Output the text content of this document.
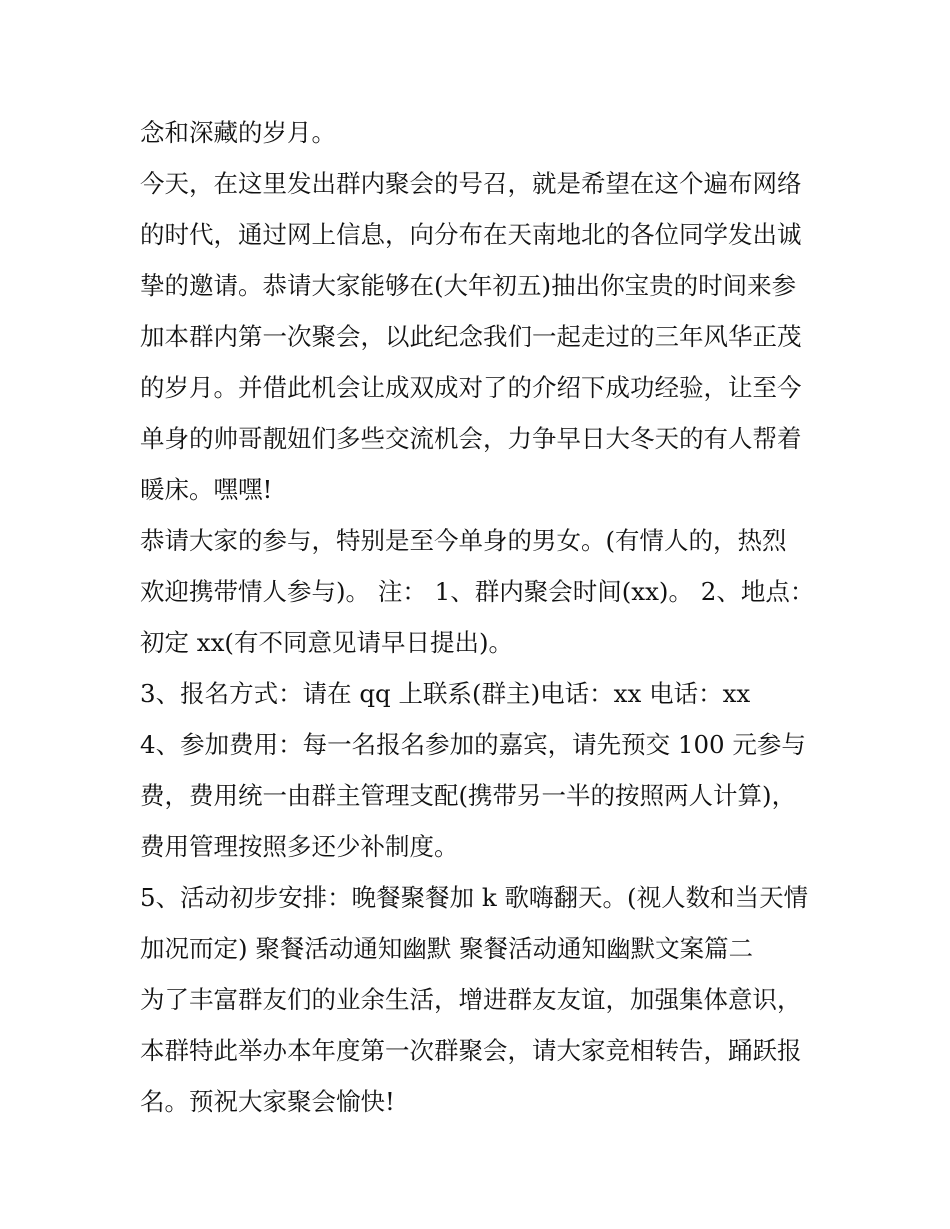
念和深藏的岁月。
今天，在这里发出群内聚会的号召，就是希望在这个遍布网络
的时代，通过网上信息，向分布在天南地北的各位同学发出诚
挚的邀请。恭请大家能够在(大年初五)抽出你宝贵的时间来参
加本群内第一次聚会，以此纪念我们一起走过的三年风华正茂
的岁月。并借此机会让成双成对了的介绍下成功经验，让至今
单身的帅哥靓妞们多些交流机会，力争早日大冬天的有人帮着
暖床。嘿嘿!
恭请大家的参与，特别是至今单身的男女。(有情人的，热烈
欢迎携带情人参与)。 注： 1、群内聚会时间(xx)。 2、地点：
初定 xx(有不同意见请早日提出)。
3、报名方式：请在 qq 上联系(群主)电话：xx 电话：xx
4、参加费用：每一名报名参加的嘉宾，请先预交 100 元参与
费，费用统一由群主管理支配(携带另一半的按照两人计算)，
费用管理按照多还少补制度。
5、活动初步安排：晚餐聚餐加 k 歌嗨翻天。(视人数和当天情
加况而定) 聚餐活动通知幽默 聚餐活动通知幽默文案篇二
为了丰富群友们的业余生活，增进群友友谊，加强集体意识，
本群特此举办本年度第一次群聚会，请大家竞相转告，踊跃报
名。预祝大家聚会愉快!
